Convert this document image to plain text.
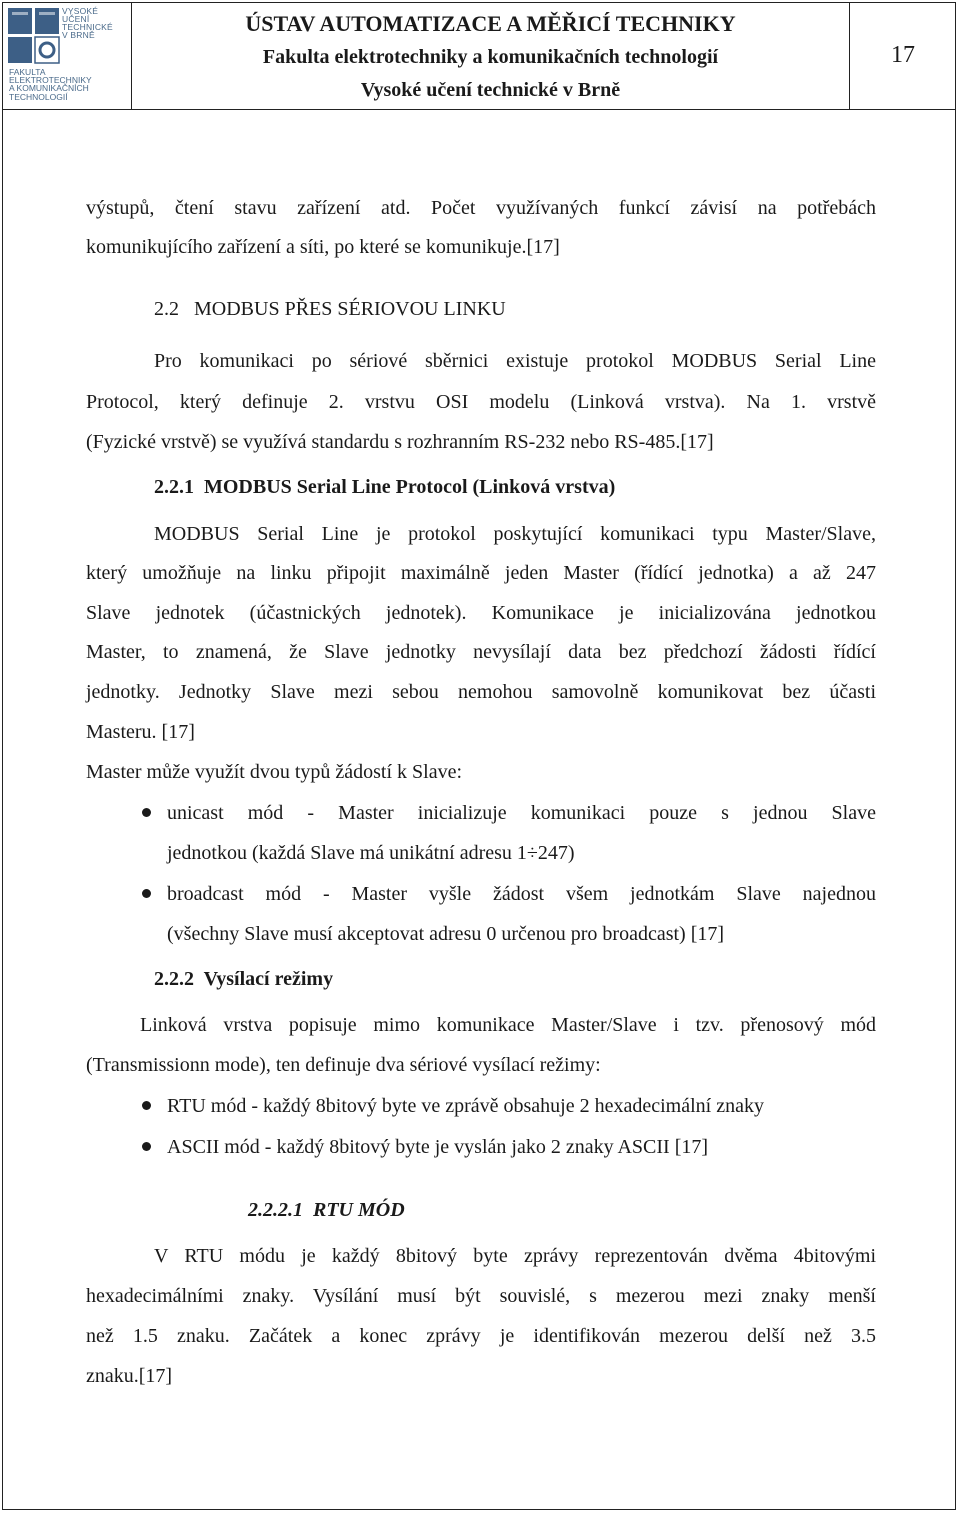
VYSOKÉ
UČENÍ
TECHNICKÉ
V BRNĚ
FAKULTA
ELEKTROTECHNIKY
A KOMUNIKAČNÍCH
TECHNOLOGIÍ
ÚSTAV AUTOMATIZACE A MĚŘICÍ TECHNIKY
Fakulta elektrotechniky a komunikačních technologií
Vysoké učení technické v Brně
17
výstupů, čtení stavu zařízení atd. Počet využívaných funkcí závisí na potřebách
komunikujícího zařízení a síti, po které se komunikuje.[17]
2.2   MODBUS PŘES SÉRIOVOU LINKU
Pro komunikaci po sériové sběrnici existuje protokol MODBUS Serial Line
Protocol, který definuje 2. vrstvu OSI modelu (Linková vrstva). Na 1. vrstvě
(Fyzické vrstvě) se využívá standardu s rozhranním RS-232 nebo RS-485.[17]
2.2.1  MODBUS Serial Line Protocol (Linková vrstva)
MODBUS Serial Line je protokol poskytující komunikaci typu Master/Slave,
který umožňuje na linku připojit maximálně jeden Master (řídící jednotka) a až 247
Slave jednotek (účastnických jednotek). Komunikace je inicializována jednotkou
Master, to znamená, že Slave jednotky nevysílají data bez předchozí žádosti řídící
jednotky. Jednotky Slave mezi sebou nemohou samovolně komunikovat bez účasti
Masteru. [17]
Master může využít dvou typů žádostí k Slave:
unicast mód - Master inicializuje komunikaci pouze s jednou Slave
jednotkou (každá Slave má unikátní adresu 1÷247)
broadcast mód - Master vyšle žádost všem jednotkám Slave najednou
(všechny Slave musí akceptovat adresu 0 určenou pro broadcast) [17]
2.2.2  Vysílací režimy
Linková vrstva popisuje mimo komunikace Master/Slave i tzv. přenosový mód
(Transmissionn mode), ten definuje dva sériové vysílací režimy:
RTU mód - každý 8bitový byte ve zprávě obsahuje 2 hexadecimální znaky
ASCII mód - každý 8bitový byte je vyslán jako 2 znaky ASCII [17]
2.2.2.1  RTU MÓD
V RTU módu je každý 8bitový byte zprávy reprezentován dvěma 4bitovými
hexadecimálními znaky. Vysílání musí být souvislé, s mezerou mezi znaky menší
než 1.5 znaku. Začátek a konec zprávy je identifikován mezerou delší než 3.5
znaku.[17]
